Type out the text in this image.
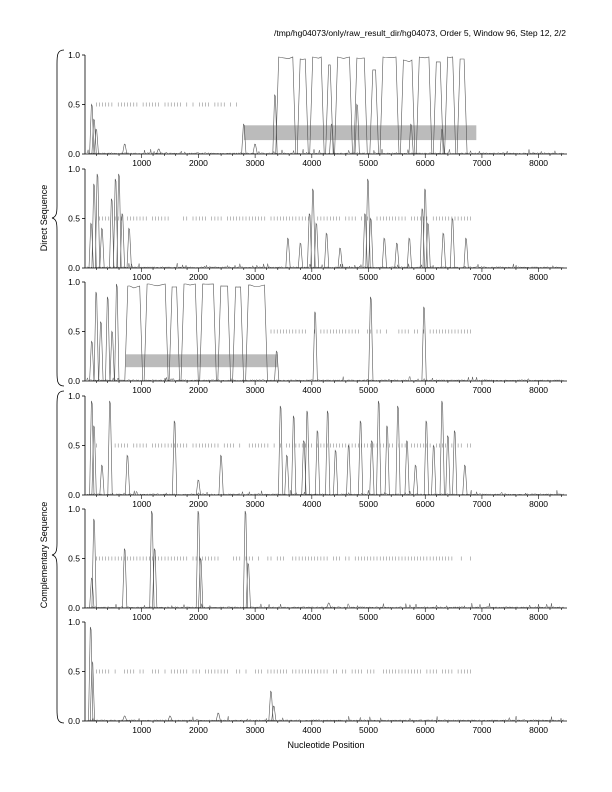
/tmp/hg04073/only/raw_result_dir/hg04073, Order 5, Window 96, Step 12, 2/2
Direct Sequence
Complementary Sequence
Nucleotide Position
0.0
0.5
1.0
1000	2000	3000	4000	5000	6000	7000	8000
0.0
0.5
1.0
1000	2000	3000	4000	5000	6000	7000	8000
0.0
0.5
1.0
1000	2000	3000	4000	5000	6000	7000	8000
0.0
0.5
1.0
1000	2000	3000	4000	5000	6000	7000	8000
0.0
0.5
1.0
1000	2000	3000	4000	5000	6000	7000	8000
0.0
0.5
1.0
1000	2000	3000	4000	5000	6000	7000	8000
